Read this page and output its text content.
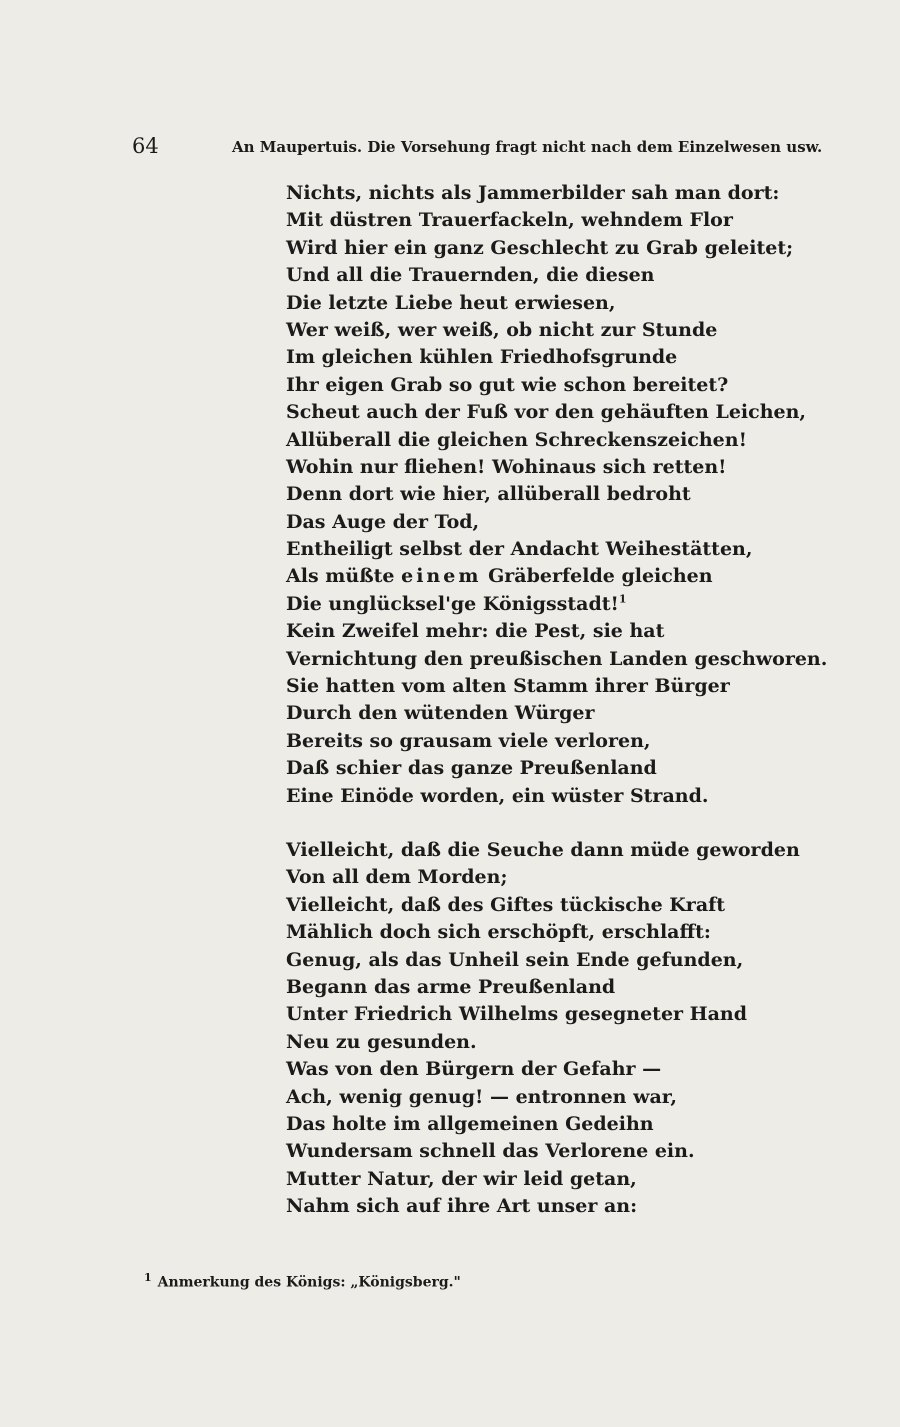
64	An Maupertuis. Die Vorsehung fragt nicht nach dem Einzelwesen usw.
Nichts, nichts als Jammerbilder sah man dort:
Mit düstren Trauerfackeln, wehndem Flor
Wird hier ein ganz Geschlecht zu Grab geleitet;
Und all die Trauernden, die diesen
Die letzte Liebe heut erwiesen,
Wer weiß, wer weiß, ob nicht zur Stunde
Im gleichen kühlen Friedhofsgrunde
Ihr eigen Grab so gut wie schon bereitet?
Scheut auch der Fuß vor den gehäuften Leichen,
Allüberall die gleichen Schreckenszeichen!
Wohin nur fliehen! Wohinaus sich retten!
Denn dort wie hier, allüberall bedroht
Das Auge der Tod,
Entheiligt selbst der Andacht Weihestätten,
Als müßte einem Gräberfelde gleichen
Die unglücksel'ge Königsstadt!$^1$
Kein Zweifel mehr: die Pest, sie hat
Vernichtung den preußischen Landen geschworen.
Sie hatten vom alten Stamm ihrer Bürger
Durch den wütenden Würger
Bereits so grausam viele verloren,
Daß schier das ganze Preußenland
Eine Einöde worden, ein wüster Strand.
Vielleicht, daß die Seuche dann müde geworden
Von all dem Morden;
Vielleicht, daß des Giftes tückische Kraft
Mählich doch sich erschöpft, erschlafft:
Genug, als das Unheil sein Ende gefunden,
Begann das arme Preußenland
Unter Friedrich Wilhelms gesegneter Hand
Neu zu gesunden.
Was von den Bürgern der Gefahr —
Ach, wenig genug! — entronnen war,
Das holte im allgemeinen Gedeihn
Wundersam schnell das Verlorene ein.
Mutter Natur, der wir leid getan,
Nahm sich auf ihre Art unser an:
$^1$ Anmerkung des Königs: „Königsberg."
